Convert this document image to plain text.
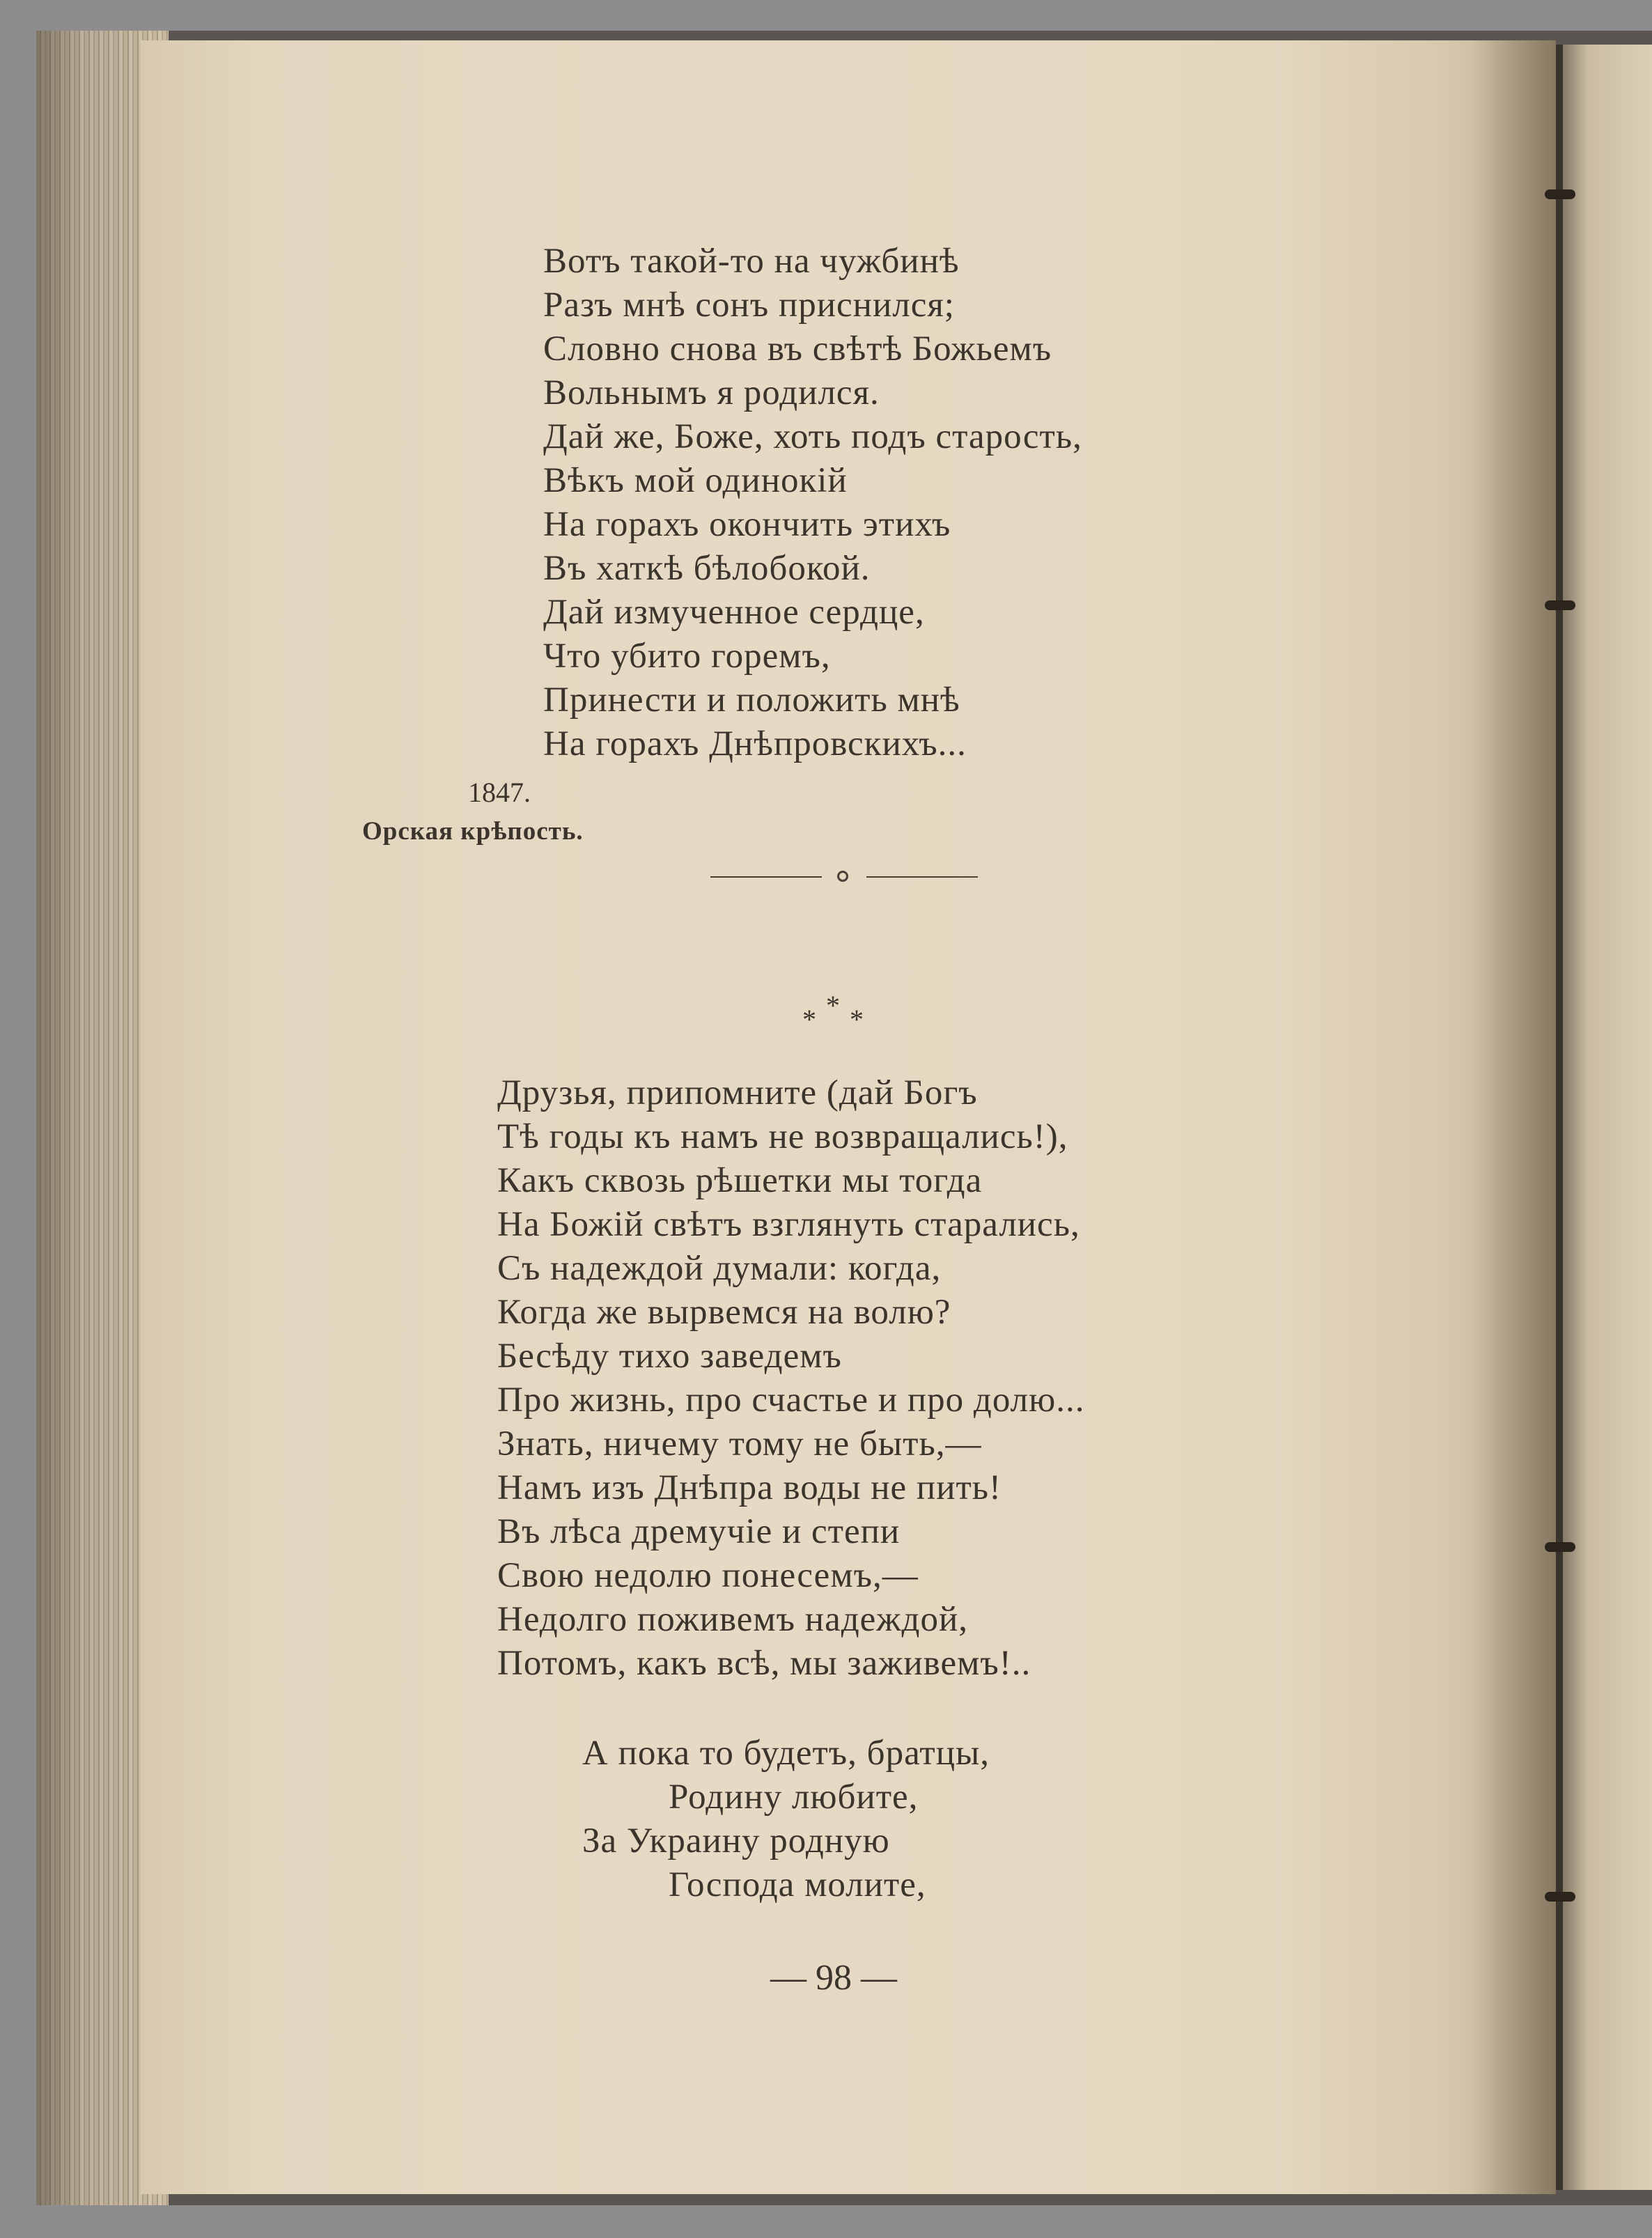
Вотъ такой-то на чужбинѣ
Разъ мнѣ сонъ приснился;
Словно снова въ свѣтѣ Божьемъ
Вольнымъ я родился.
Дай же, Боже, хоть подъ старость,
Вѣкъ мой одинокій
На горахъ окончить этихъ
Въ хаткѣ бѣлобокой.
Дай измученное сердце,
Что убито горемъ,
Принести и положить мнѣ
На горахъ Днѣпровскихъ...
1847.
Орская крѣпость.
*
* *
Друзья, припомните (дай Богъ
Тѣ годы къ намъ не возвращались!),
Какъ сквозь рѣшетки мы тогда
На Божій свѣтъ взглянуть старались,
Съ надеждой думали: когда,
Когда же вырвемся на волю?
Бесѣду тихо заведемъ
Про жизнь, про счастье и про долю...
Знать, ничему тому не быть,—
Намъ изъ Днѣпра воды не пить!
Въ лѣса дремучіе и степи
Свою недолю понесемъ,—
Недолго поживемъ надеждой,
Потомъ, какъ всѣ, мы заживемъ!..
А пока то будетъ, братцы,
Родину любите,
За Украину родную
Господа молите,
— 98 —
